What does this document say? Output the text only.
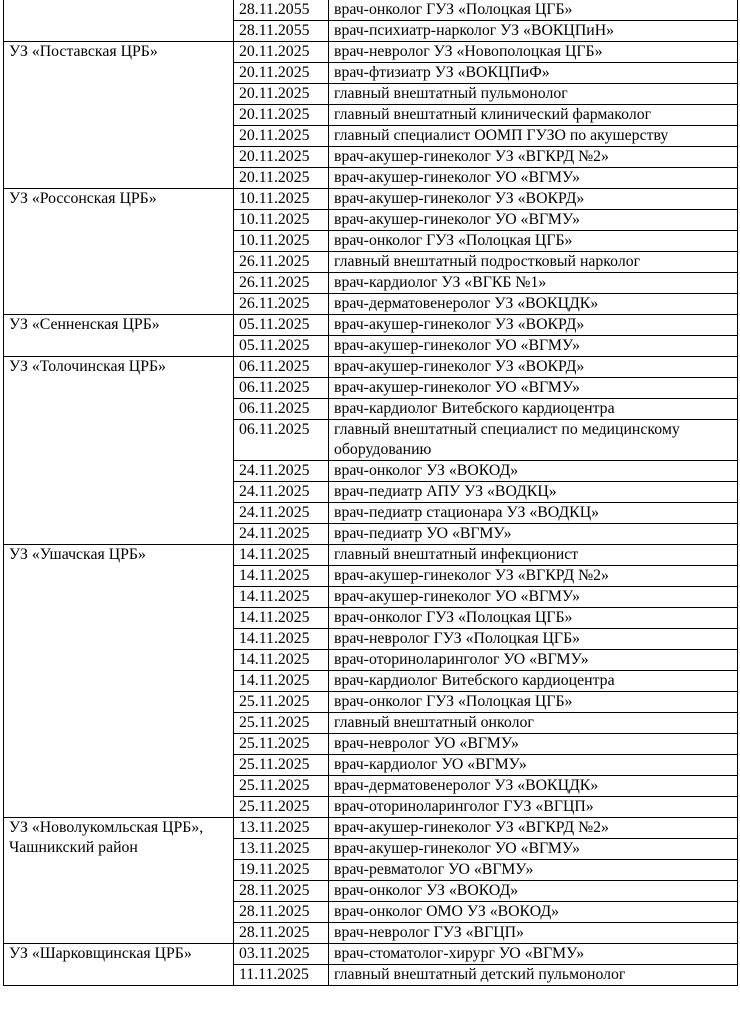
	28.11.2055	врач-онколог ГУЗ «Полоцкая ЦГБ»
	28.11.2055	врач-психиатр-нарколог УЗ «ВОКЦПиН»
УЗ «Поставская ЦРБ»	20.11.2025	врач-невролог УЗ «Новополоцкая ЦГБ»
	20.11.2025	врач-фтизиатр УЗ «ВОКЦПиФ»
	20.11.2025	главный внештатный пульмонолог
	20.11.2025	главный внештатный клинический фармаколог
	20.11.2025	главный специалист ООМП ГУЗО по акушерству
	20.11.2025	врач-акушер-гинеколог УЗ «ВГКРД №2»
	20.11.2025	врач-акушер-гинеколог УО «ВГМУ»
УЗ «Россонская ЦРБ»	10.11.2025	врач-акушер-гинеколог УЗ «ВОКРД»
	10.11.2025	врач-акушер-гинеколог УО «ВГМУ»
	10.11.2025	врач-онколог ГУЗ «Полоцкая ЦГБ»
	26.11.2025	главный внештатный подростковый нарколог
	26.11.2025	врач-кардиолог УЗ «ВГКБ №1»
	26.11.2025	врач-дерматовенеролог УЗ «ВОКЦДК»
УЗ «Сенненская ЦРБ»	05.11.2025	врач-акушер-гинеколог УЗ «ВОКРД»
	05.11.2025	врач-акушер-гинеколог УО «ВГМУ»
УЗ «Толочинская ЦРБ»	06.11.2025	врач-акушер-гинеколог УЗ «ВОКРД»
	06.11.2025	врач-акушер-гинеколог УО «ВГМУ»
	06.11.2025	врач-кардиолог Витебского кардиоцентра
	06.11.2025	главный внештатный специалист по медицинскому оборудованию
	24.11.2025	врач-онколог УЗ «ВОКОД»
	24.11.2025	врач-педиатр АПУ УЗ «ВОДКЦ»
	24.11.2025	врач-педиатр стационара УЗ «ВОДКЦ»
	24.11.2025	врач-педиатр УО «ВГМУ»
УЗ «Ушачская ЦРБ»	14.11.2025	главный внештатный инфекционист
	14.11.2025	врач-акушер-гинеколог УЗ «ВГКРД №2»
	14.11.2025	врач-акушер-гинеколог УО «ВГМУ»
	14.11.2025	врач-онколог ГУЗ «Полоцкая ЦГБ»
	14.11.2025	врач-невролог ГУЗ «Полоцкая ЦГБ»
	14.11.2025	врач-оториноларинголог УО «ВГМУ»
	14.11.2025	врач-кардиолог Витебского кардиоцентра
	25.11.2025	врач-онколог ГУЗ «Полоцкая ЦГБ»
	25.11.2025	главный внештатный онколог
	25.11.2025	врач-невролог УО «ВГМУ»
	25.11.2025	врач-кардиолог УО «ВГМУ»
	25.11.2025	врач-дерматовенеролог УЗ «ВОКЦДК»
	25.11.2025	врач-оториноларинголог ГУЗ «ВГЦП»
УЗ «Новолукомльская ЦРБ», Чашникский район	13.11.2025	врач-акушер-гинеколог УЗ «ВГКРД №2»
	13.11.2025	врач-акушер-гинеколог УО «ВГМУ»
	19.11.2025	врач-ревматолог УО «ВГМУ»
	28.11.2025	врач-онколог УЗ «ВОКОД»
	28.11.2025	врач-онколог ОМО УЗ «ВОКОД»
	28.11.2025	врач-невролог ГУЗ «ВГЦП»
УЗ «Шарковщинская ЦРБ»	03.11.2025	врач-стоматолог-хирург УО «ВГМУ»
	11.11.2025	главный внештатный детский пульмонолог
